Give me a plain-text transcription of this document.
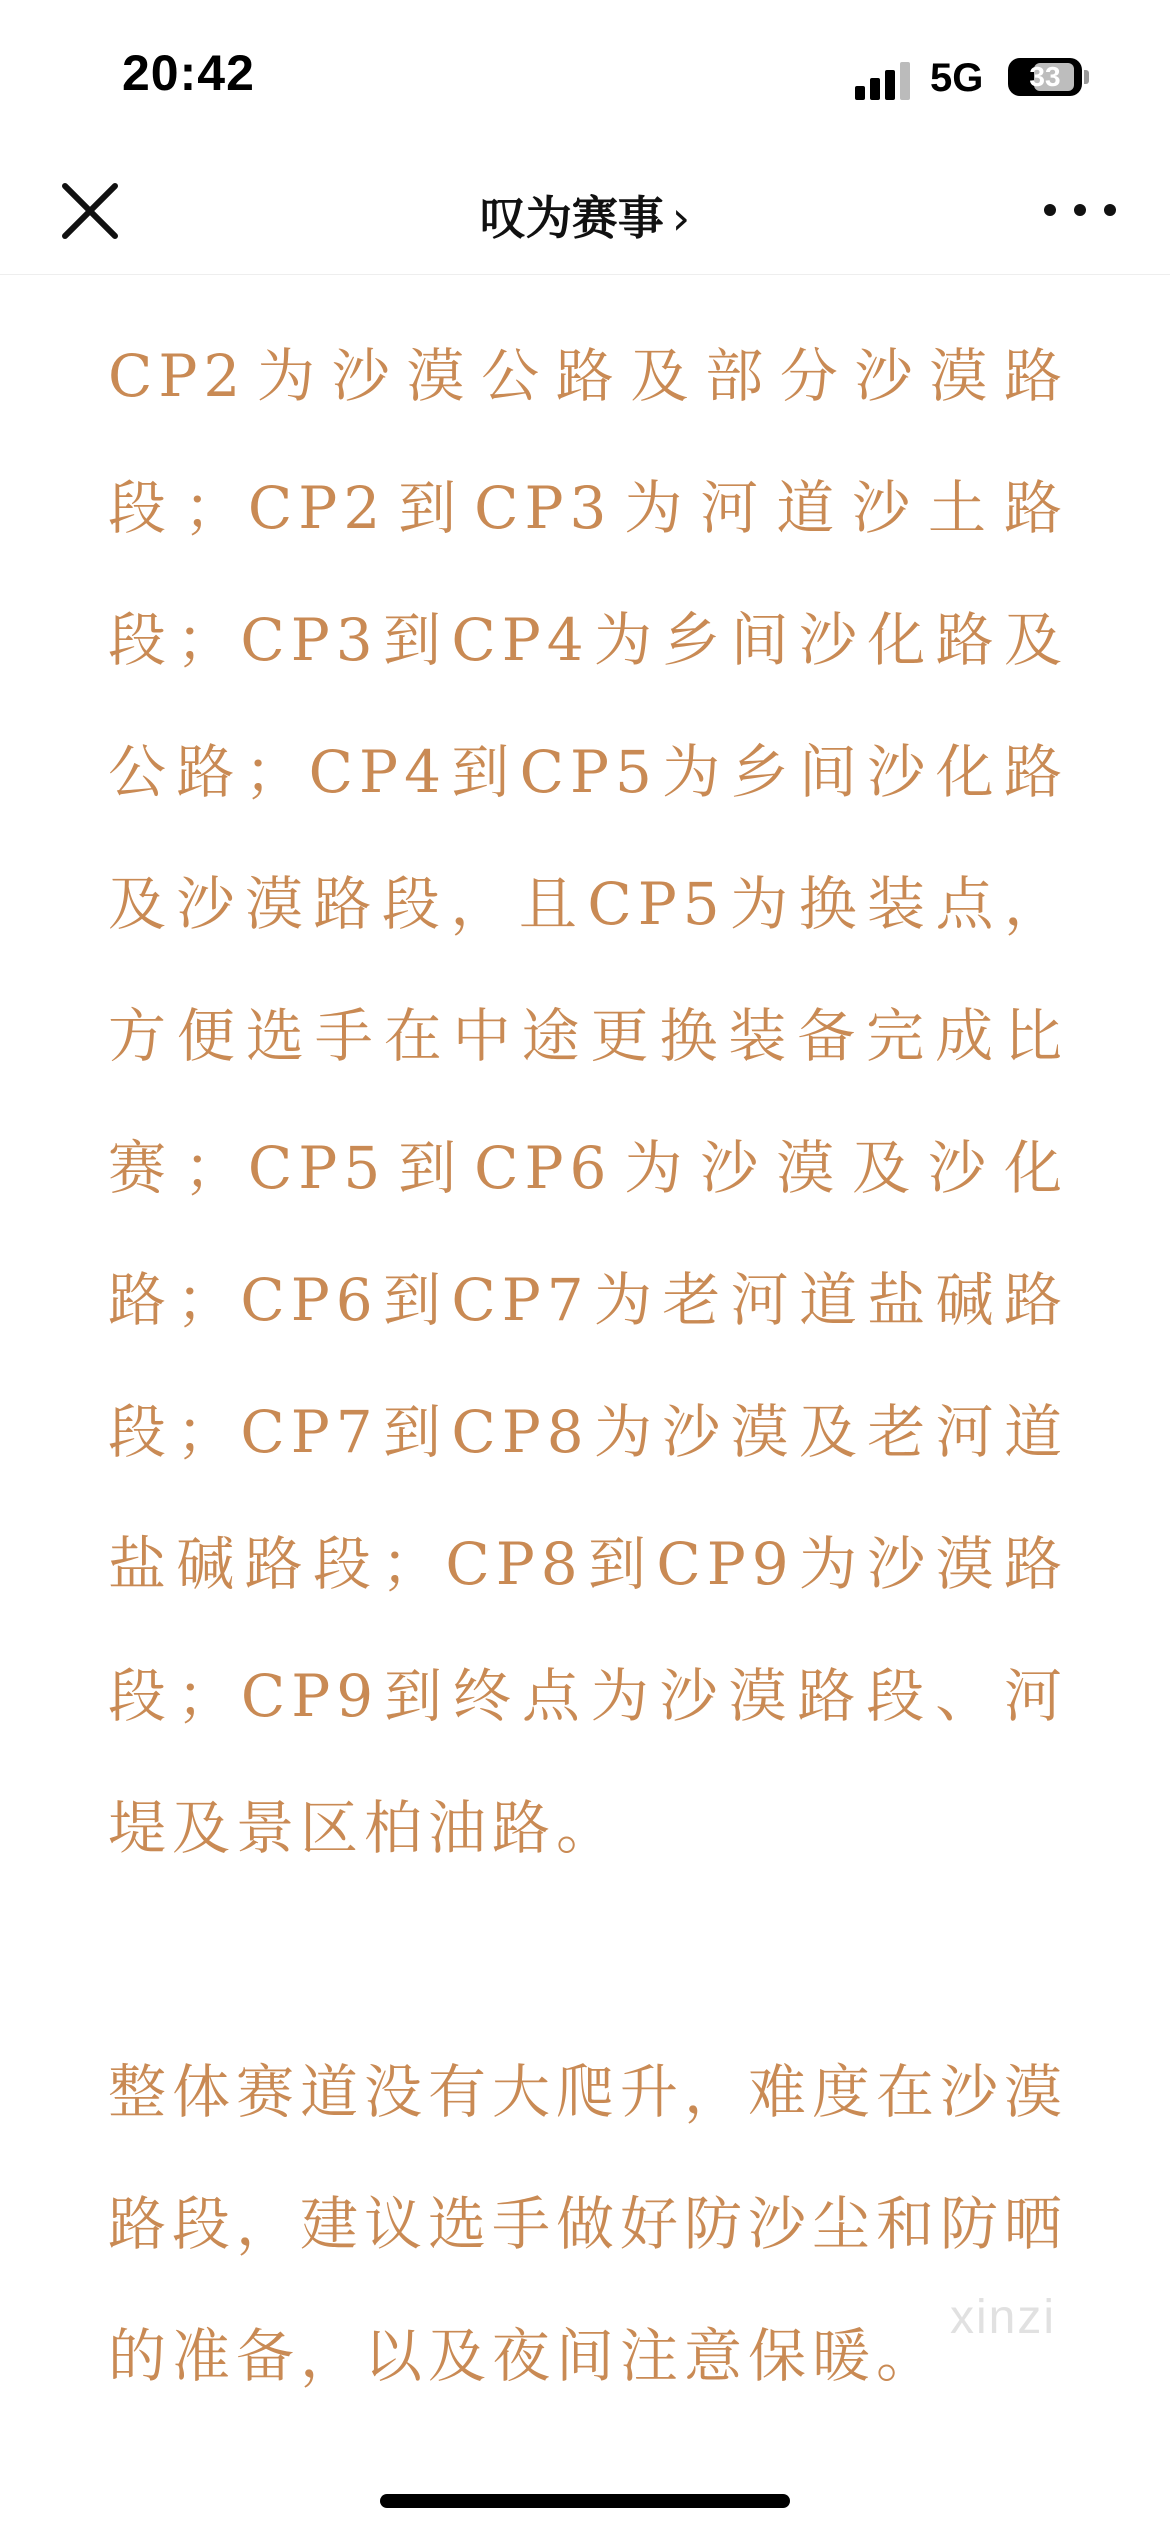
20:42	5G	33
叹为赛事 ›

CP2为沙漠公路及部分沙漠路段；CP2到CP3为河道沙土路段；CP3到CP4为乡间沙化路及公路；CP4到CP5为乡间沙化路及沙漠路段，且CP5为换装点，方便选手在中途更换装备完成比赛；CP5到CP6为沙漠及沙化路；CP6到CP7为老河道盐碱路段；CP7到CP8为沙漠及老河道盐碱路段；CP8到CP9为沙漠路段；CP9到终点为沙漠路段、河堤及景区柏油路。

整体赛道没有大爬升，难度在沙漠路段，建议选手做好防沙尘和防晒的准备，以及夜间注意保暖。

xinzi
